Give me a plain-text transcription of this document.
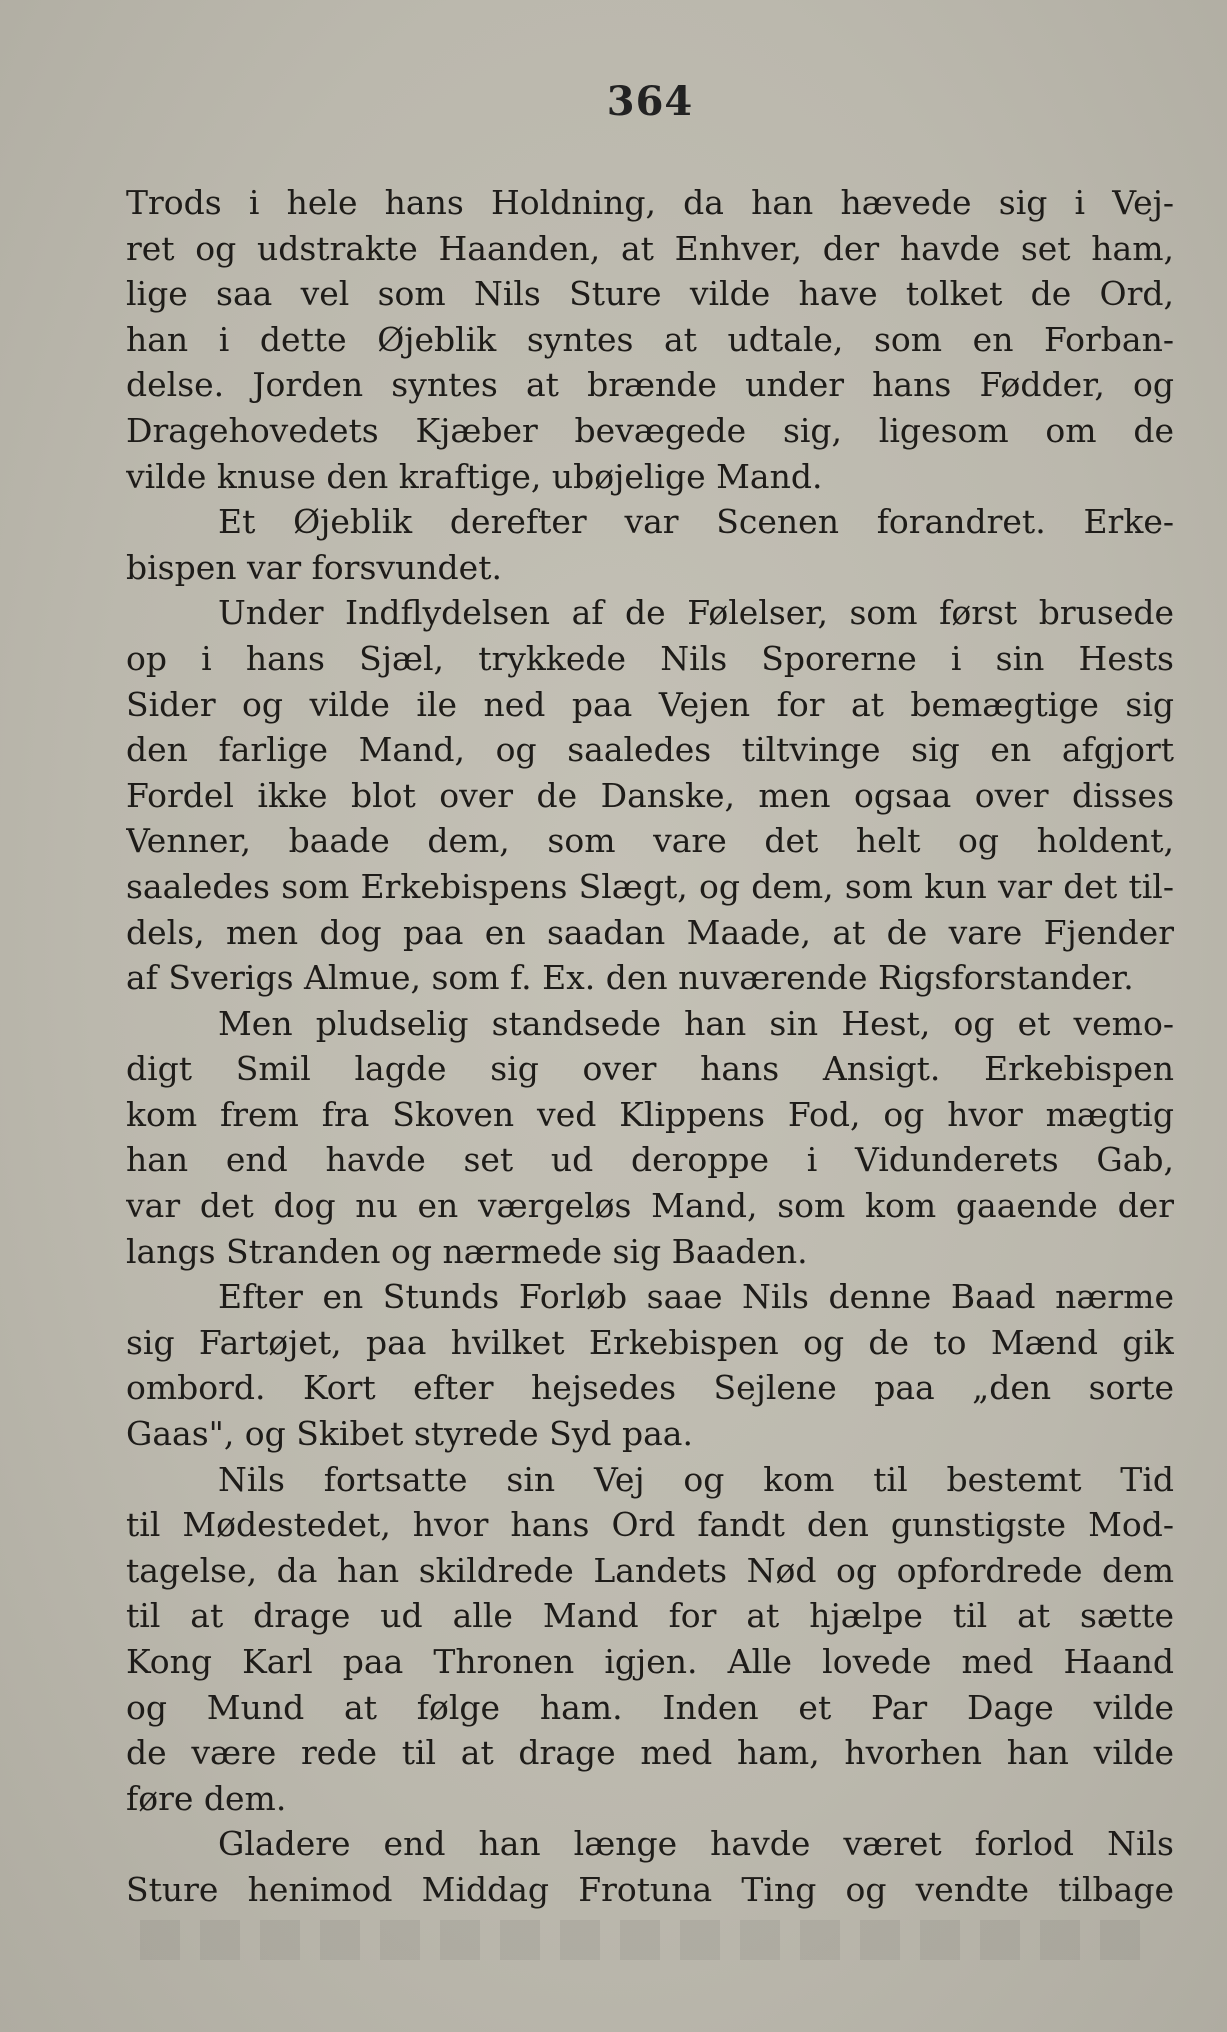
364
Trods i hele hans Holdning, da han hævede sig i Vej-
ret og udstrakte Haanden, at Enhver, der havde set ham,
lige saa vel som Nils Sture vilde have tolket de Ord,
han i dette Øjeblik syntes at udtale, som en Forban-
delse. Jorden syntes at brænde under hans Fødder, og
Dragehovedets Kjæber bevægede sig, ligesom om de
vilde knuse den kraftige, ubøjelige Mand.
Et Øjeblik derefter var Scenen forandret. Erke-
bispen var forsvundet.
Under Indflydelsen af de Følelser, som først brusede
op i hans Sjæl, trykkede Nils Sporerne i sin Hests
Sider og vilde ile ned paa Vejen for at bemægtige sig
den farlige Mand, og saaledes tiltvinge sig en afgjort
Fordel ikke blot over de Danske, men ogsaa over disses
Venner, baade dem, som vare det helt og holdent,
saaledes som Erkebispens Slægt, og dem, som kun var det til-
dels, men dog paa en saadan Maade, at de vare Fjender
af Sverigs Almue, som f. Ex. den nuværende Rigsforstander.
Men pludselig standsede han sin Hest, og et vemo-
digt Smil lagde sig over hans Ansigt. Erkebispen
kom frem fra Skoven ved Klippens Fod, og hvor mægtig
han end havde set ud deroppe i Vidunderets Gab,
var det dog nu en værgeløs Mand, som kom gaaende der
langs Stranden og nærmede sig Baaden.
Efter en Stunds Forløb saae Nils denne Baad nærme
sig Fartøjet, paa hvilket Erkebispen og de to Mænd gik
ombord. Kort efter hejsedes Sejlene paa „den sorte
Gaas", og Skibet styrede Syd paa.
Nils fortsatte sin Vej og kom til bestemt Tid
til Mødestedet, hvor hans Ord fandt den gunstigste Mod-
tagelse, da han skildrede Landets Nød og opfordrede dem
til at drage ud alle Mand for at hjælpe til at sætte
Kong Karl paa Thronen igjen. Alle lovede med Haand
og Mund at følge ham. Inden et Par Dage vilde
de være rede til at drage med ham, hvorhen han vilde
føre dem.
Gladere end han længe havde været forlod Nils
Sture henimod Middag Frotuna Ting og vendte tilbage
